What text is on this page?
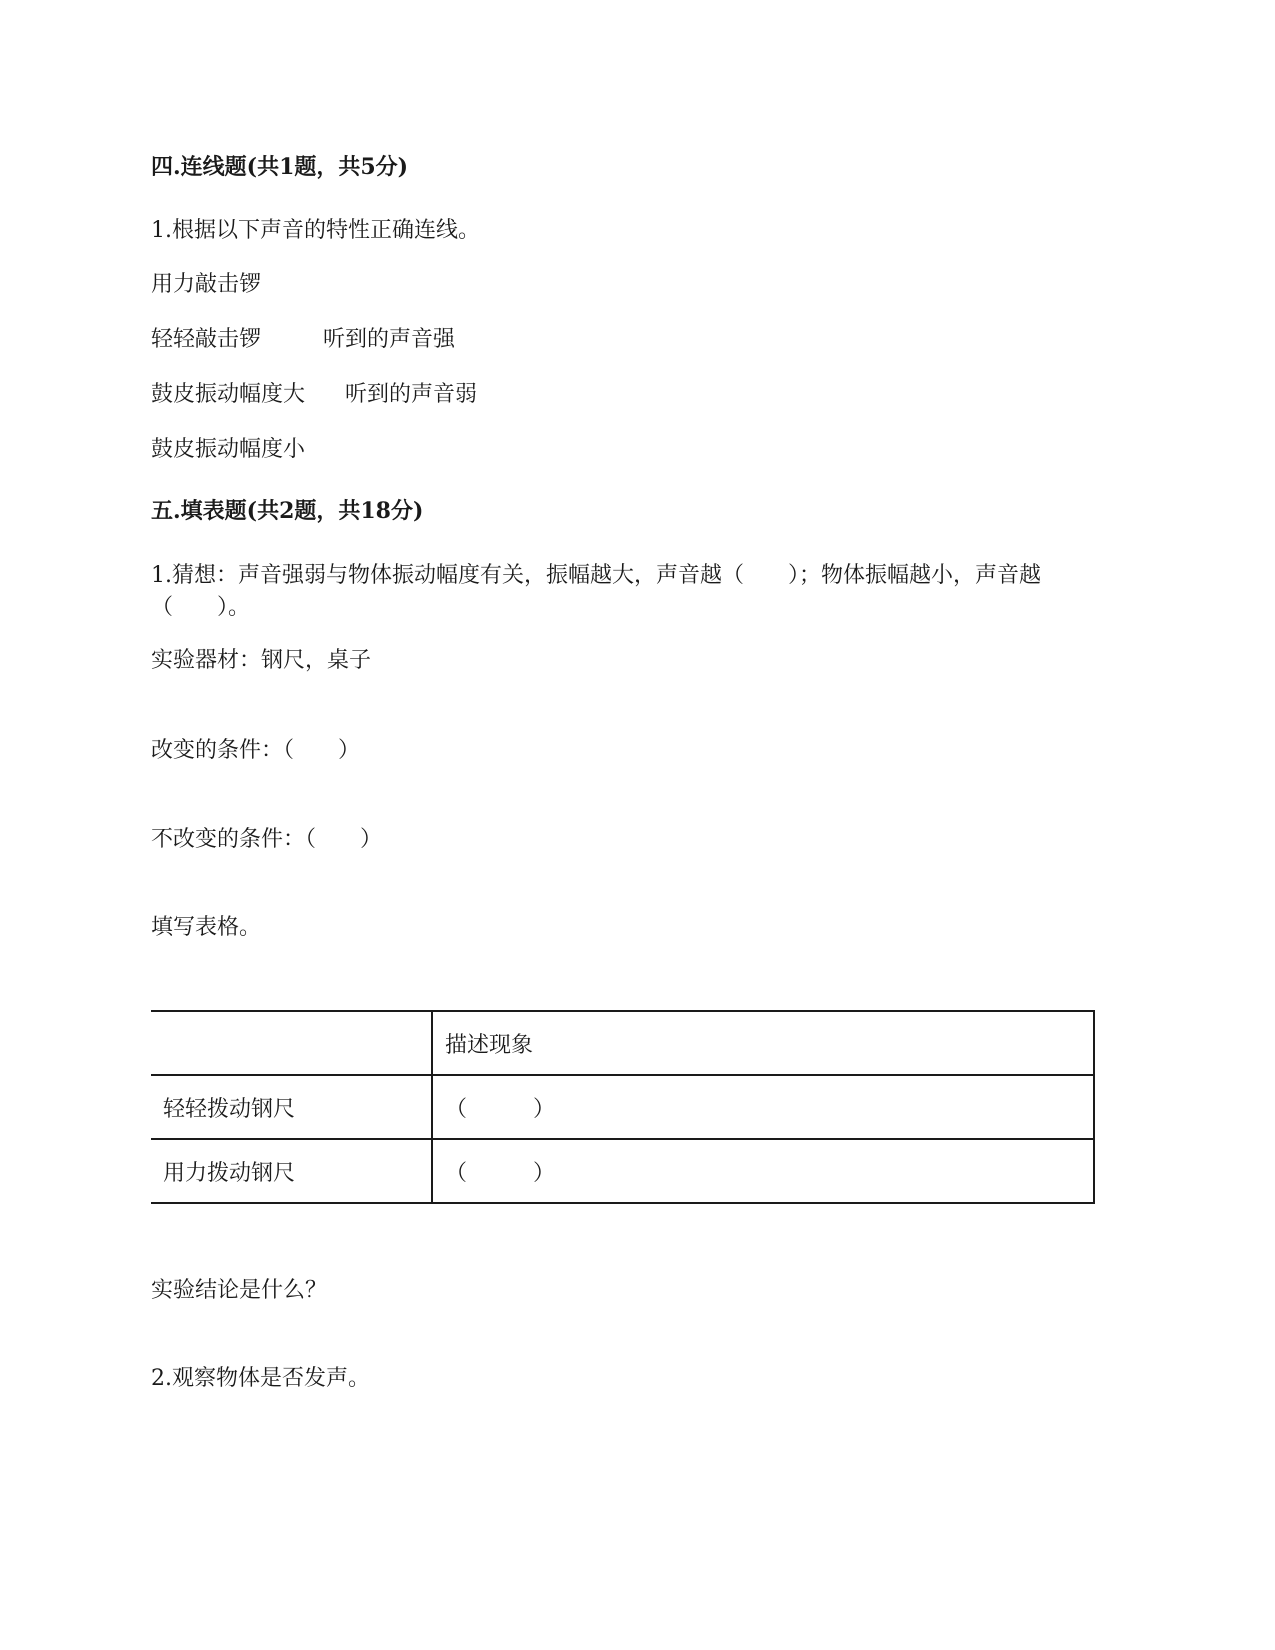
四.连线题(共1题，共5分)
1.根据以下声音的特性正确连线。
用力敲击锣
轻轻敲击锣	听到的声音强
鼓皮振动幅度大 听到的声音弱
鼓皮振动幅度小
五.填表题(共2题，共18分)
1.猜想：声音强弱与物体振动幅度有关，振幅越大，声音越（　　）；物体振幅越小，声音越（　　）。
实验器材：钢尺，桌子
改变的条件：（　　）
不改变的条件：（　　）
填写表格。
	描述现象
轻轻拨动钢尺	（　　　）
用力拨动钢尺	（　　　）
实验结论是什么？
2.观察物体是否发声。
